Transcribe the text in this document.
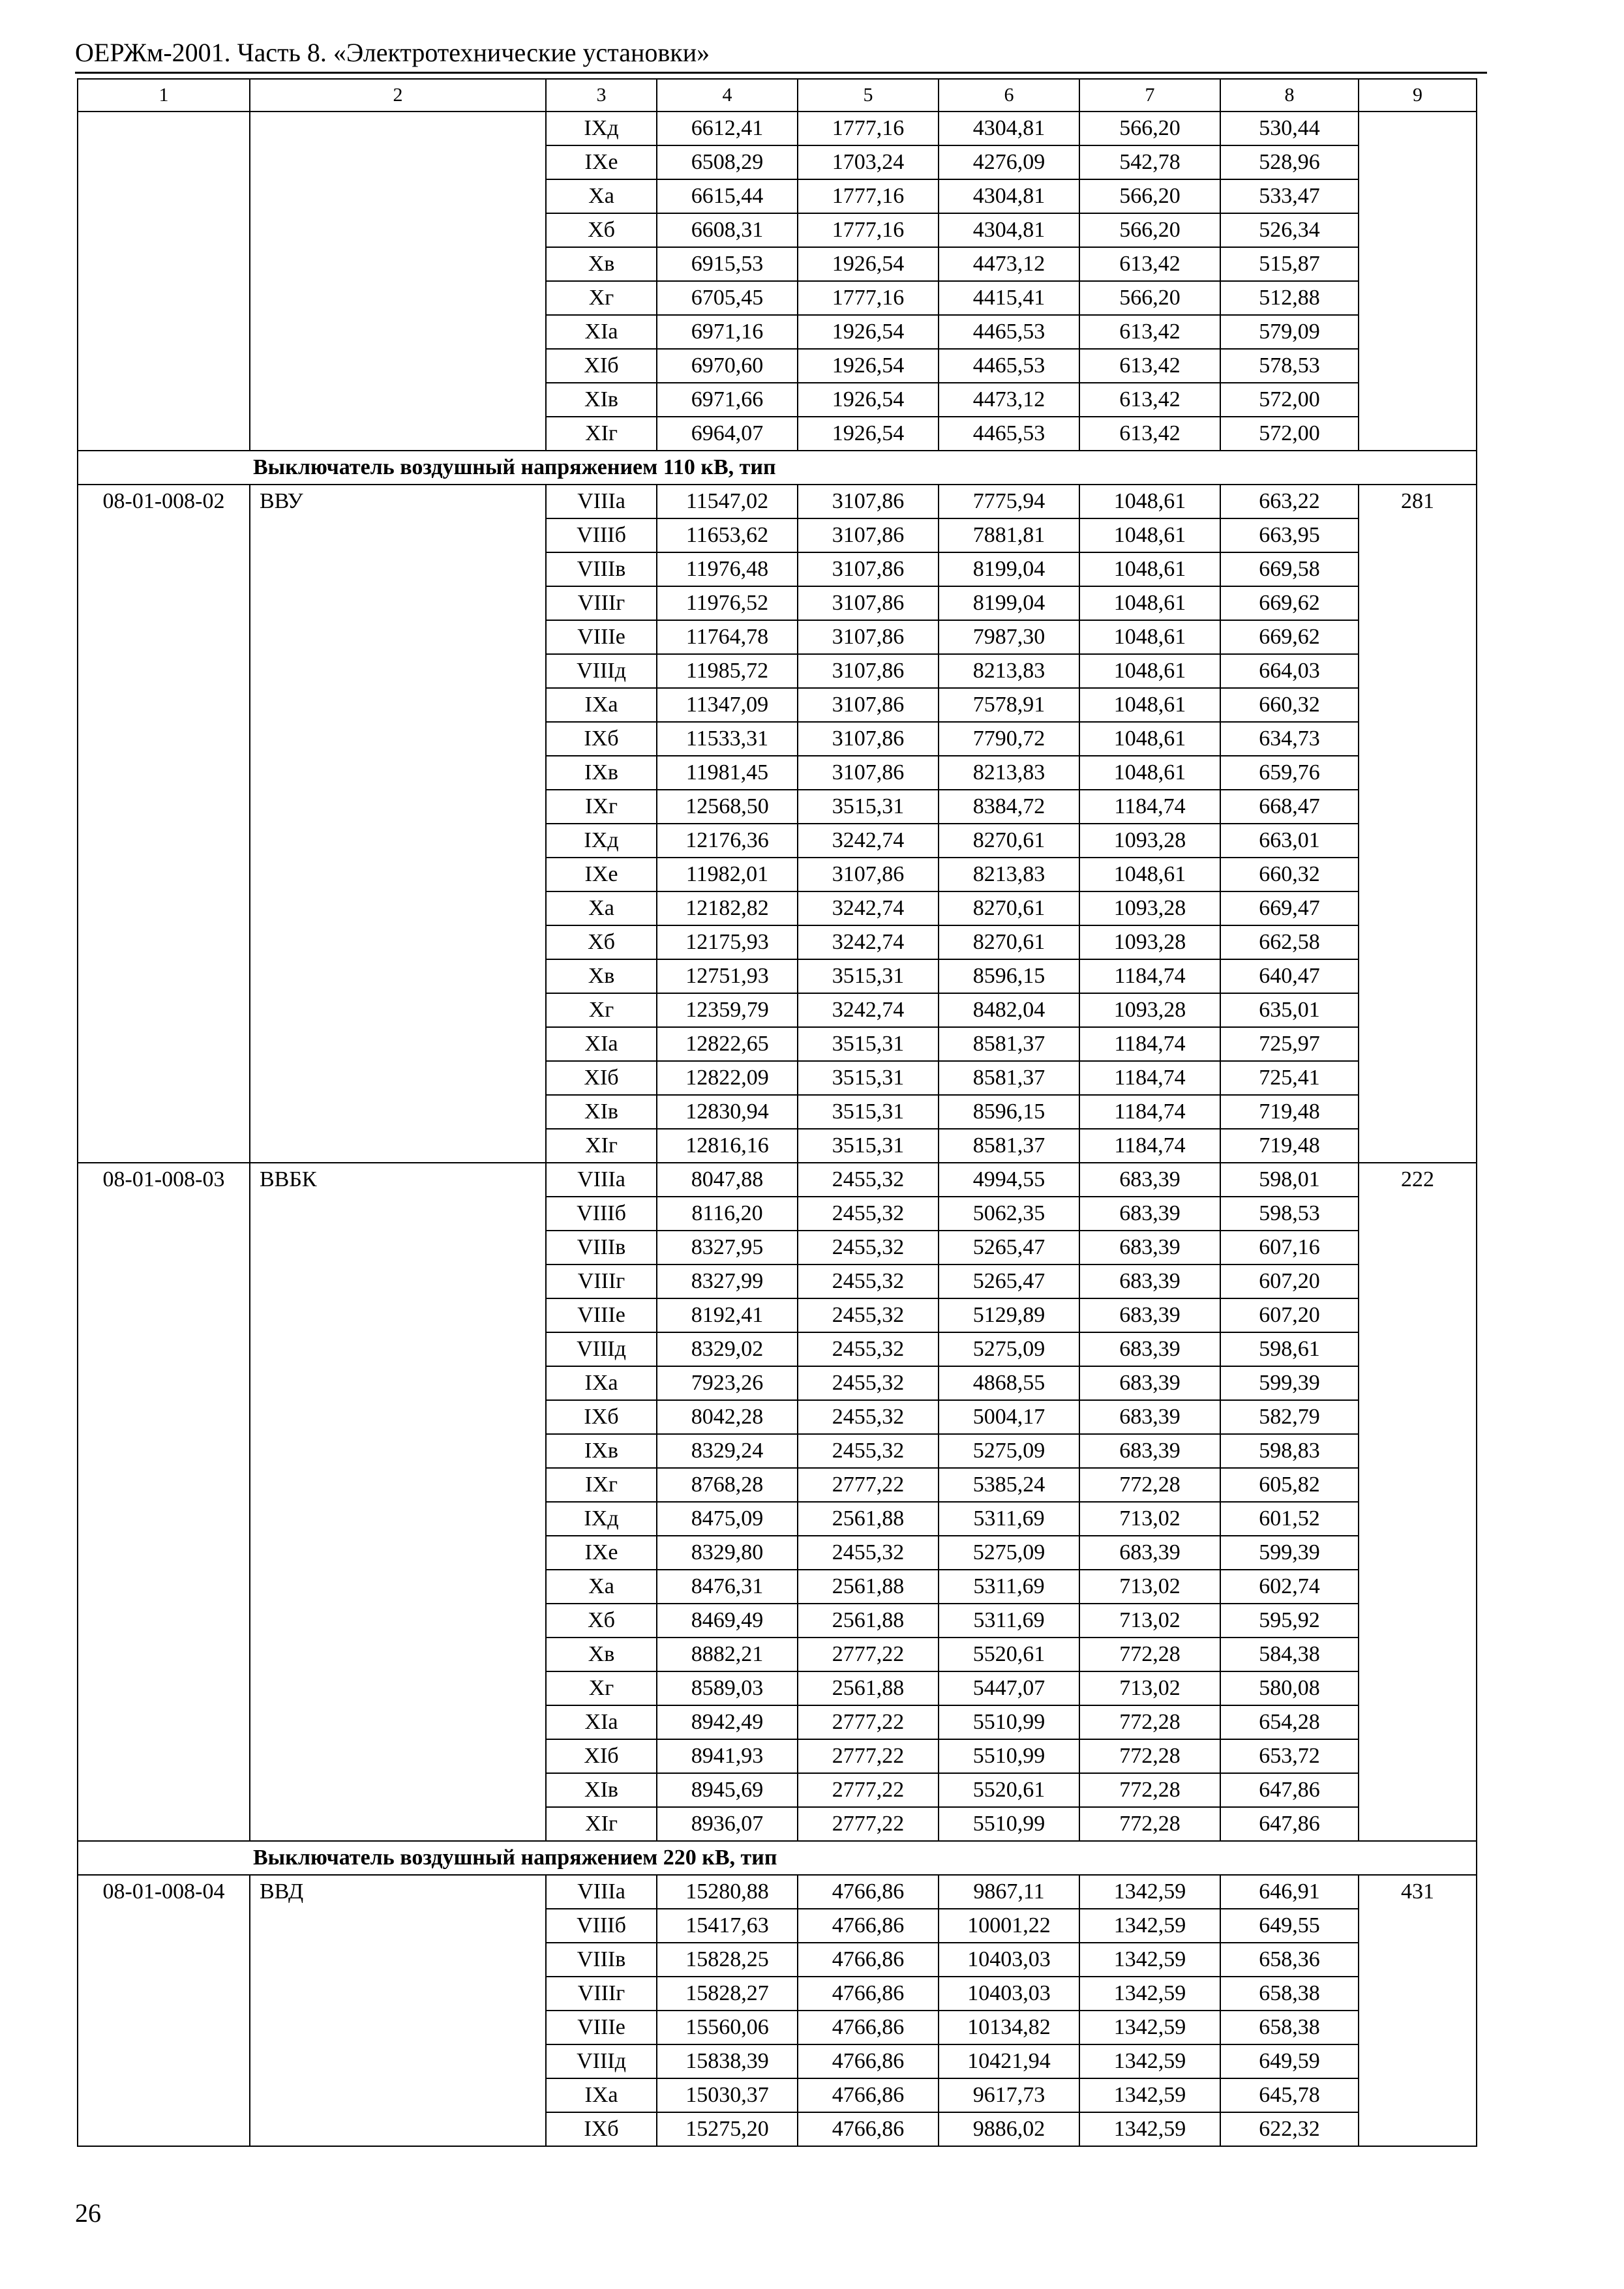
ОЕРЖм-2001. Часть 8. «Электротехнические установки»
1	2	3	4	5	6	7	8	9
		IХд	6612,41	1777,16	4304,81	566,20	530,44	
		IХе	6508,29	1703,24	4276,09	542,78	528,96	
		Ха	6615,44	1777,16	4304,81	566,20	533,47	
		Хб	6608,31	1777,16	4304,81	566,20	526,34	
		Хв	6915,53	1926,54	4473,12	613,42	515,87	
		Хг	6705,45	1777,16	4415,41	566,20	512,88	
		ХIа	6971,16	1926,54	4465,53	613,42	579,09	
		ХIб	6970,60	1926,54	4465,53	613,42	578,53	
		ХIв	6971,66	1926,54	4473,12	613,42	572,00	
		ХIг	6964,07	1926,54	4465,53	613,42	572,00	
Выключатель воздушный напряжением 110 кВ, тип								
08-01-008-02	ВВУ	VIIIа	11547,02	3107,86	7775,94	1048,61	663,22	281
		VIIIб	11653,62	3107,86	7881,81	1048,61	663,95	
		VIIIв	11976,48	3107,86	8199,04	1048,61	669,58	
		VIIIг	11976,52	3107,86	8199,04	1048,61	669,62	
		VIIIе	11764,78	3107,86	7987,30	1048,61	669,62	
		VIIIд	11985,72	3107,86	8213,83	1048,61	664,03	
		IХа	11347,09	3107,86	7578,91	1048,61	660,32	
		IХб	11533,31	3107,86	7790,72	1048,61	634,73	
		IХв	11981,45	3107,86	8213,83	1048,61	659,76	
		IХг	12568,50	3515,31	8384,72	1184,74	668,47	
		IХд	12176,36	3242,74	8270,61	1093,28	663,01	
		IХе	11982,01	3107,86	8213,83	1048,61	660,32	
		Ха	12182,82	3242,74	8270,61	1093,28	669,47	
		Хб	12175,93	3242,74	8270,61	1093,28	662,58	
		Хв	12751,93	3515,31	8596,15	1184,74	640,47	
		Хг	12359,79	3242,74	8482,04	1093,28	635,01	
		ХIа	12822,65	3515,31	8581,37	1184,74	725,97	
		ХIб	12822,09	3515,31	8581,37	1184,74	725,41	
		ХIв	12830,94	3515,31	8596,15	1184,74	719,48	
		ХIг	12816,16	3515,31	8581,37	1184,74	719,48	
08-01-008-03	ВВБК	VIIIа	8047,88	2455,32	4994,55	683,39	598,01	222
		VIIIб	8116,20	2455,32	5062,35	683,39	598,53	
		VIIIв	8327,95	2455,32	5265,47	683,39	607,16	
		VIIIг	8327,99	2455,32	5265,47	683,39	607,20	
		VIIIе	8192,41	2455,32	5129,89	683,39	607,20	
		VIIIд	8329,02	2455,32	5275,09	683,39	598,61	
		IХа	7923,26	2455,32	4868,55	683,39	599,39	
		IХб	8042,28	2455,32	5004,17	683,39	582,79	
		IХв	8329,24	2455,32	5275,09	683,39	598,83	
		IХг	8768,28	2777,22	5385,24	772,28	605,82	
		IХд	8475,09	2561,88	5311,69	713,02	601,52	
		IХе	8329,80	2455,32	5275,09	683,39	599,39	
		Ха	8476,31	2561,88	5311,69	713,02	602,74	
		Хб	8469,49	2561,88	5311,69	713,02	595,92	
		Хв	8882,21	2777,22	5520,61	772,28	584,38	
		Хг	8589,03	2561,88	5447,07	713,02	580,08	
		ХIа	8942,49	2777,22	5510,99	772,28	654,28	
		ХIб	8941,93	2777,22	5510,99	772,28	653,72	
		ХIв	8945,69	2777,22	5520,61	772,28	647,86	
		ХIг	8936,07	2777,22	5510,99	772,28	647,86	
Выключатель воздушный напряжением 220 кВ, тип								
08-01-008-04	ВВД	VIIIа	15280,88	4766,86	9867,11	1342,59	646,91	431
		VIIIб	15417,63	4766,86	10001,22	1342,59	649,55	
		VIIIв	15828,25	4766,86	10403,03	1342,59	658,36	
		VIIIг	15828,27	4766,86	10403,03	1342,59	658,38	
		VIIIе	15560,06	4766,86	10134,82	1342,59	658,38	
		VIIIд	15838,39	4766,86	10421,94	1342,59	649,59	
		IХа	15030,37	4766,86	9617,73	1342,59	645,78	
		IХб	15275,20	4766,86	9886,02	1342,59	622,32	
26
